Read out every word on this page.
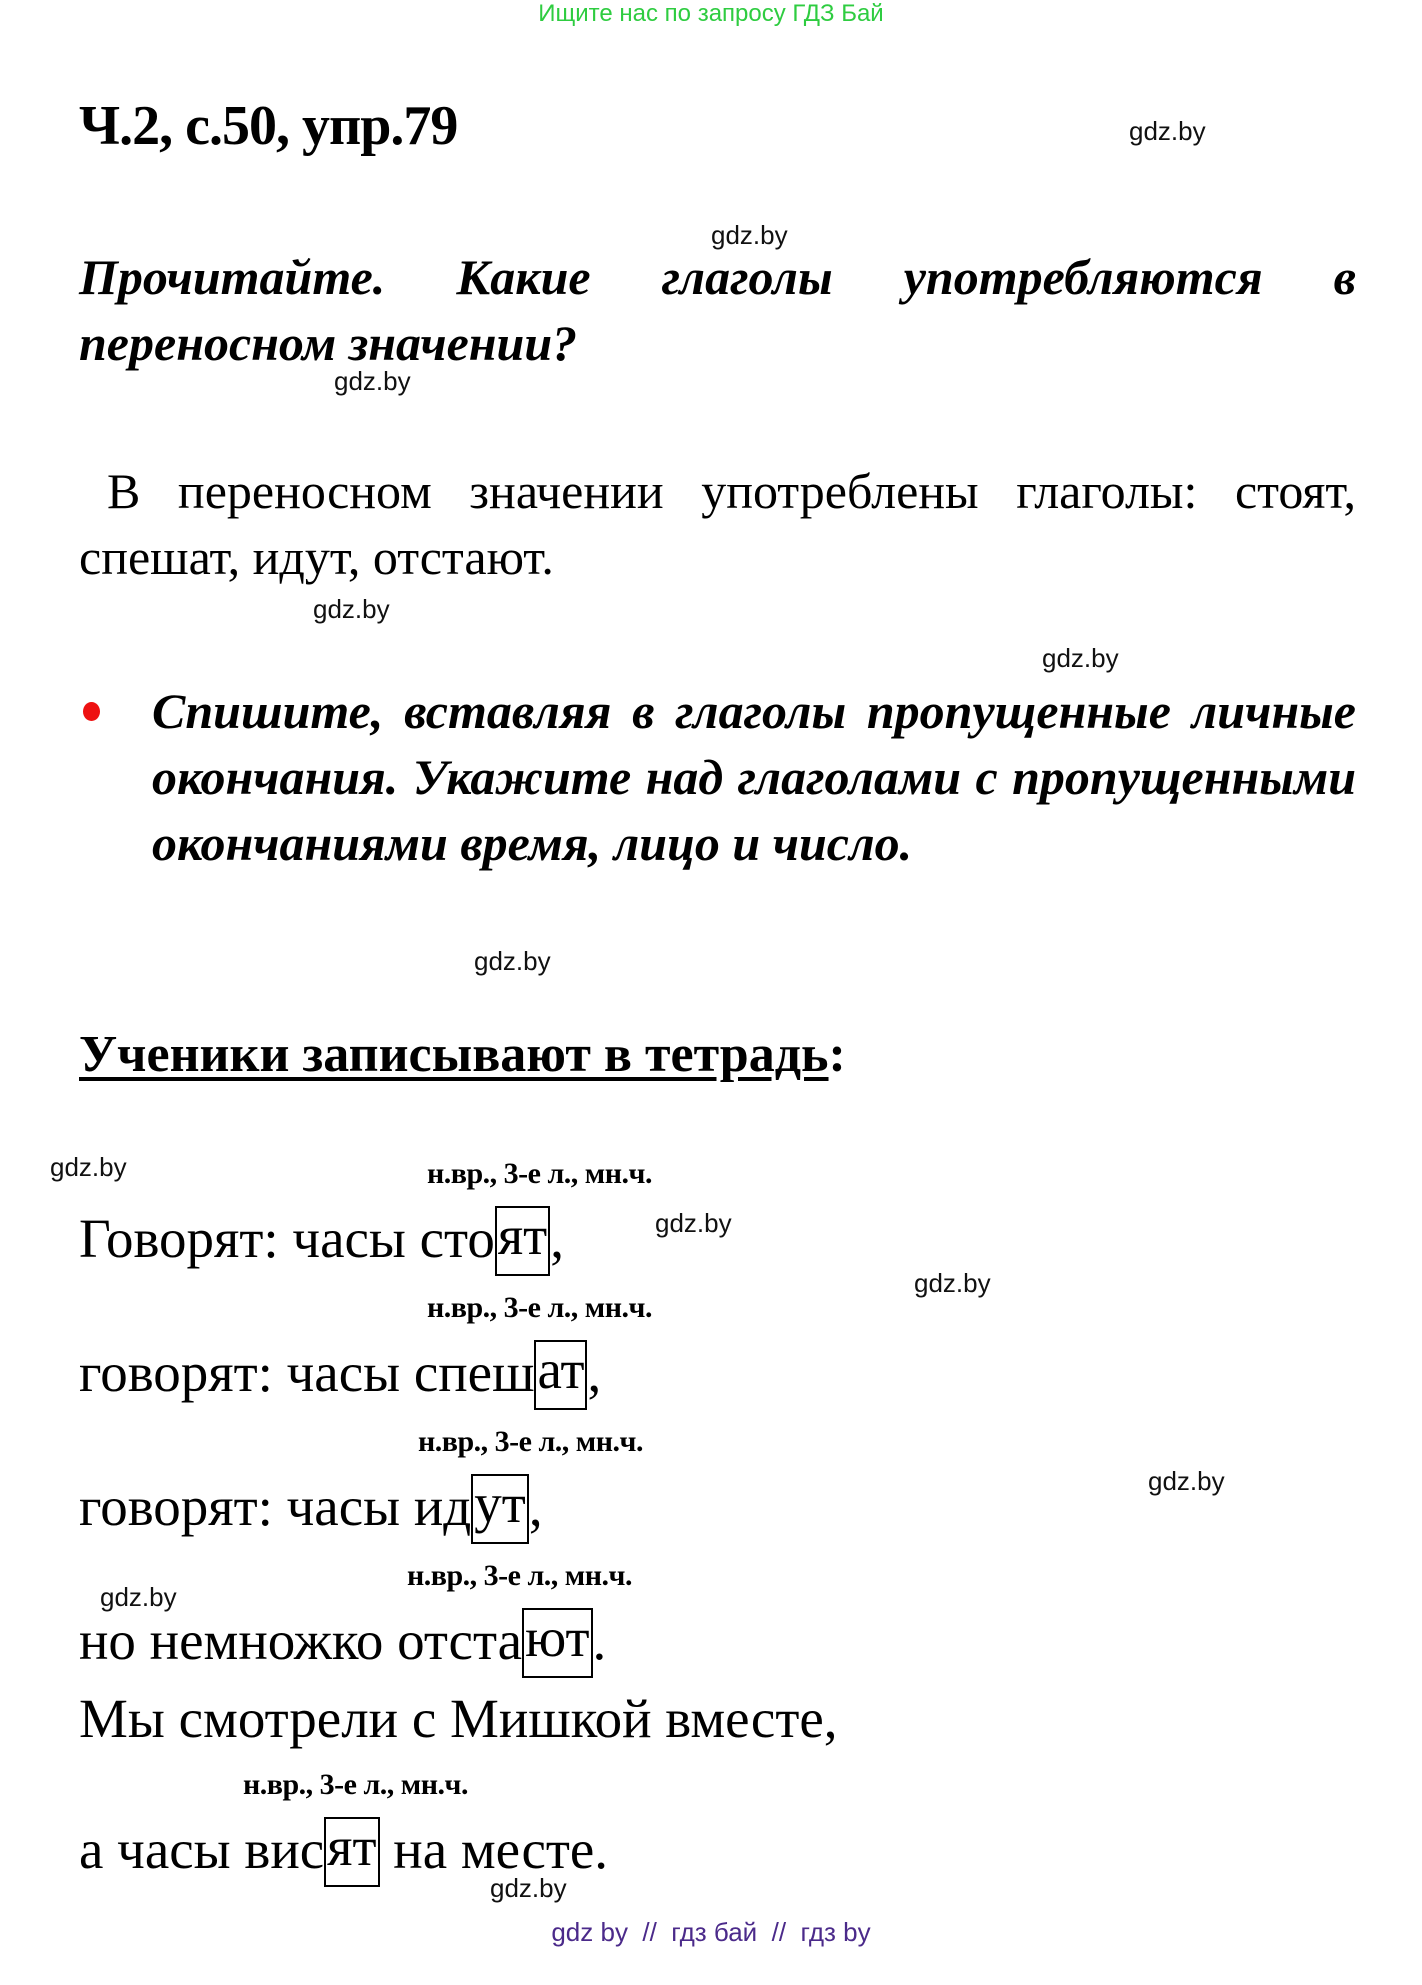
Ищите нас по запросу ГДЗ Бай
Ч.2, с.50, упр.79	gdz.by
gdz.by
gdz.by
gdz.by
gdz.by
gdz.by
gdz.by
gdz.by
gdz.by
gdz.by
gdz.by
gdz.by
Прочитайте. Какие глаголы употребляются в переносном значении?
В переносном значении употреблены глаголы: стоят, спешат, идут, отстают.
Спишите, вставляя в глаголы пропущенные личные окончания. Укажите над глаголами с пропущенными окончаниями время, лицо и число.
Ученики записывают в тетрадь:
н.вр., 3-е л., мн.ч.
Говорят: часы стоят,
н.вр., 3-е л., мн.ч.
говорят: часы спешат,
н.вр., 3-е л., мн.ч.
говорят: часы идут,
н.вр., 3-е л., мн.ч.
но немножко отстают.
Мы смотрели с Мишкой вместе,
н.вр., 3-е л., мн.ч.
а часы висят на месте.
gdz by  //  гдз бай  //  гдз by
